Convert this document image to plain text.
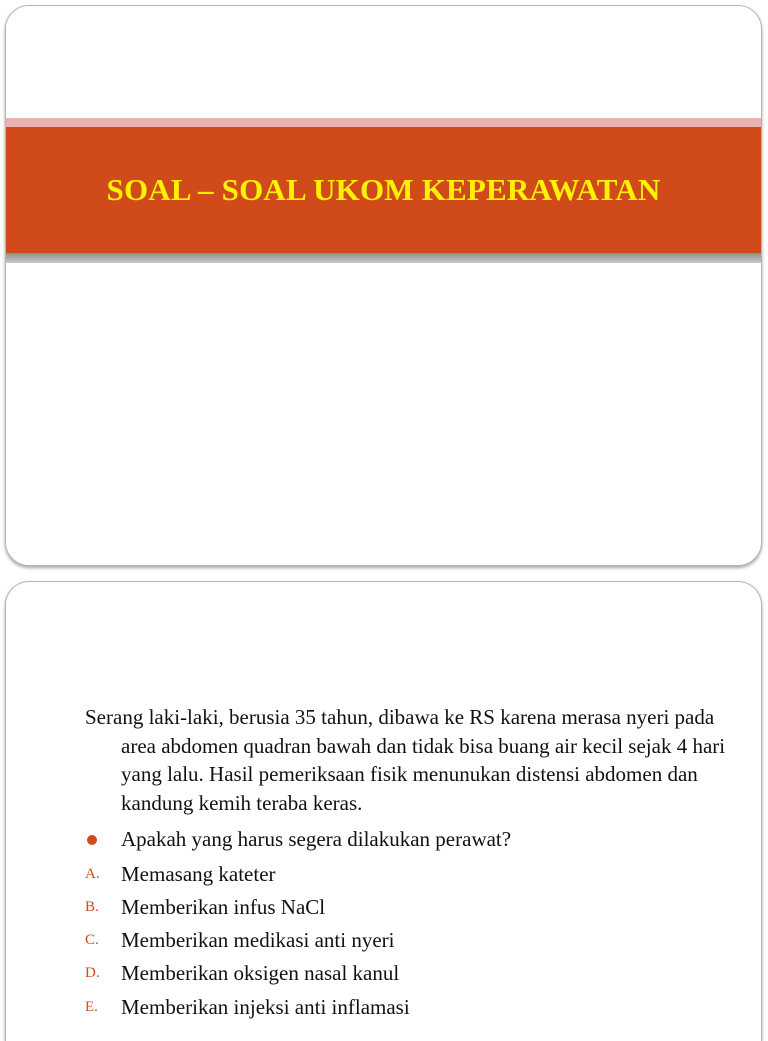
SOAL – SOAL UKOM KEPERAWATAN

Serang laki-laki, berusia 35 tahun, dibawa ke RS karena merasa nyeri pada area abdomen quadran bawah dan tidak bisa buang air kecil sejak 4 hari yang lalu. Hasil pemeriksaan fisik menunukan distensi abdomen dan kandung kemih teraba keras.

Apakah yang harus segera dilakukan perawat?

A. Memasang kateter
B. Memberikan infus NaCl
C. Memberikan medikasi anti nyeri
D. Memberikan oksigen nasal kanul
E. Memberikan injeksi anti inflamasi
